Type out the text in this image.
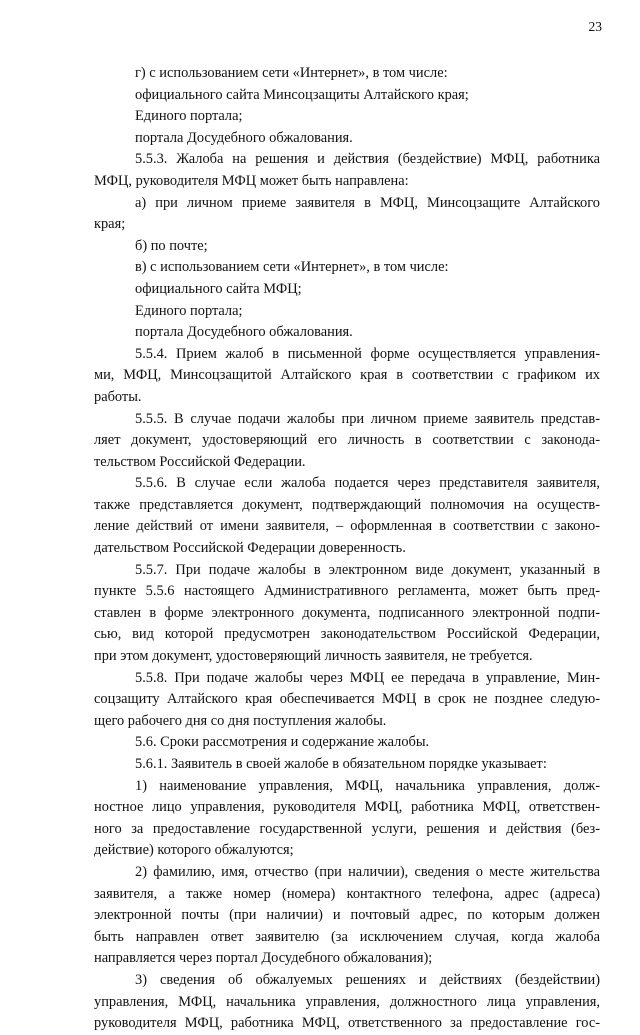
23
г) с использованием сети «Интернет», в том числе:
официального сайта Минсоцзащиты Алтайского края;
Единого портала;
портала Досудебного обжалования.
5.5.3. Жалоба на решения и действия (бездействие) МФЦ, работника
МФЦ, руководителя МФЦ может быть направлена:
а) при личном приеме заявителя в МФЦ, Минсоцзащите Алтайского
края;
б) по почте;
в) с использованием сети «Интернет», в том числе:
официального сайта МФЦ;
Единого портала;
портала Досудебного обжалования.
5.5.4. Прием жалоб в письменной форме осуществляется управления-
ми, МФЦ, Минсоцзащитой Алтайского края в соответствии с графиком их
работы.
5.5.5. В случае подачи жалобы при личном приеме заявитель представ-
ляет документ, удостоверяющий его личность в соответствии с законода-
тельством Российской Федерации.
5.5.6. В случае если жалоба подается через представителя заявителя,
также представляется документ, подтверждающий полномочия на осуществ-
ление действий от имени заявителя, – оформленная в соответствии с законо-
дательством Российской Федерации доверенность.
5.5.7. При подаче жалобы в электронном виде документ, указанный в
пункте 5.5.6 настоящего Административного регламента, может быть пред-
ставлен в форме электронного документа, подписанного электронной подпи-
сью, вид которой предусмотрен законодательством Российской Федерации,
при этом документ, удостоверяющий личность заявителя, не требуется.
5.5.8. При подаче жалобы через МФЦ ее передача в управление, Мин-
соцзащиту Алтайского края обеспечивается МФЦ в срок не позднее следую-
щего рабочего дня со дня поступления жалобы.
5.6. Сроки рассмотрения и содержание жалобы.
5.6.1. Заявитель в своей жалобе в обязательном порядке указывает:
1) наименование управления, МФЦ, начальника управления, долж-
ностное лицо управления, руководителя МФЦ, работника МФЦ, ответствен-
ного за предоставление государственной услуги, решения и действия (без-
действие) которого обжалуются;
2) фамилию, имя, отчество (при наличии), сведения о месте жительства
заявителя, а также номер (номера) контактного телефона, адрес (адреса)
электронной почты (при наличии) и почтовый адрес, по которым должен
быть направлен ответ заявителю (за исключением случая, когда жалоба
направляется через портал Досудебного обжалования);
3) сведения об обжалуемых решениях и действиях (бездействии)
управления, МФЦ, начальника управления, должностного лица управления,
руководителя МФЦ, работника МФЦ, ответственного за предоставление гос-
